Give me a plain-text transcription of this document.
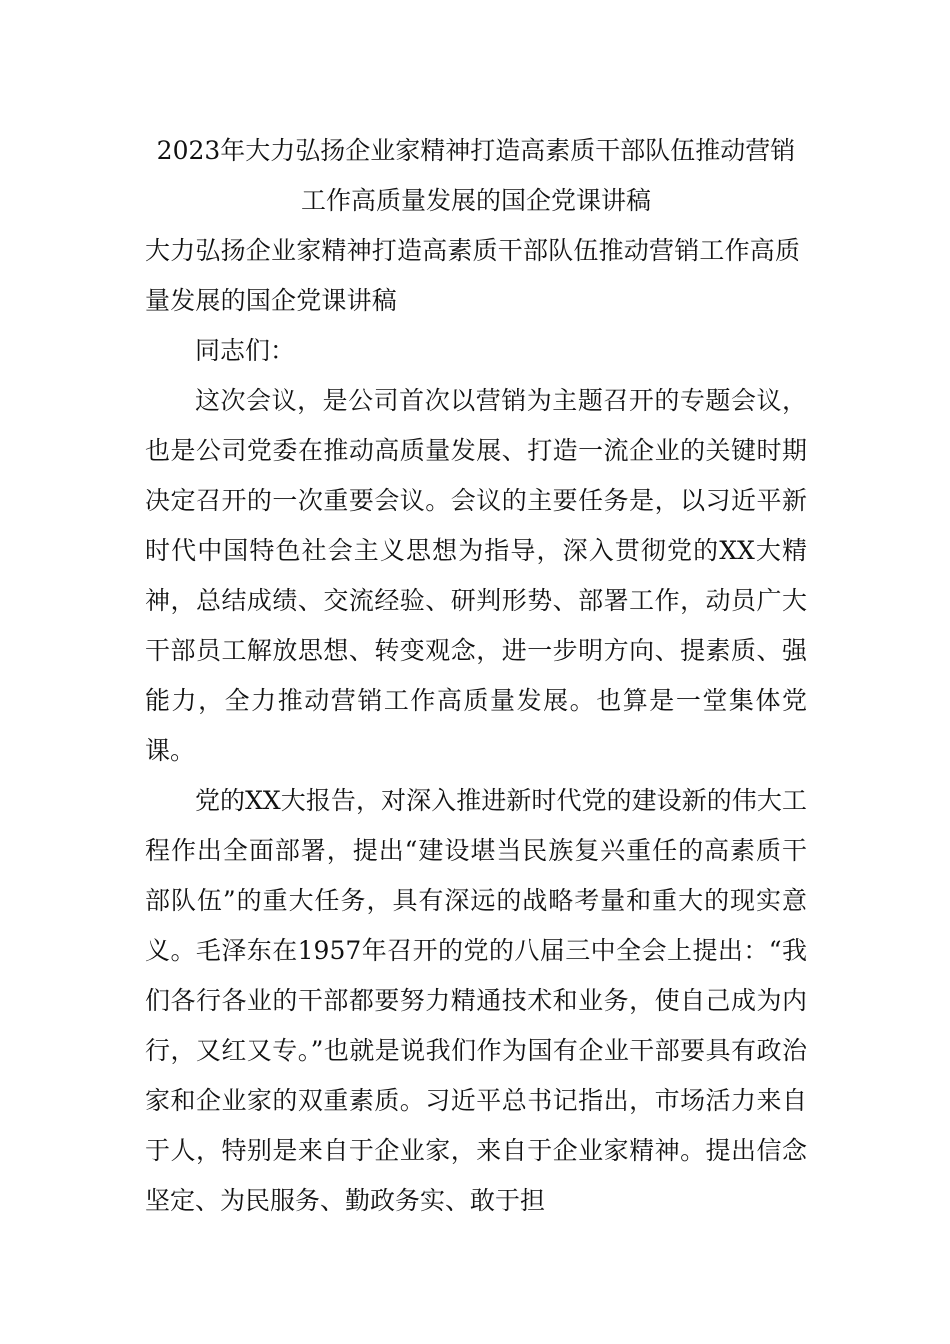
2023年大力弘扬企业家精神打造高素质干部队伍推动营销
工作高质量发展的国企党课讲稿

大力弘扬企业家精神打造高素质干部队伍推动营销工作高质量发展的国企党课讲稿

同志们：

这次会议，是公司首次以营销为主题召开的专题会议，也是公司党委在推动高质量发展、打造一流企业的关键时期决定召开的一次重要会议。会议的主要任务是，以习近平新时代中国特色社会主义思想为指导，深入贯彻党的XX大精神，总结成绩、交流经验、研判形势、部署工作，动员广大干部员工解放思想、转变观念，进一步明方向、提素质、强能力，全力推动营销工作高质量发展。也算是一堂集体党课。

党的XX大报告，对深入推进新时代党的建设新的伟大工程作出全面部署，提出“建设堪当民族复兴重任的高素质干部队伍”的重大任务，具有深远的战略考量和重大的现实意义。毛泽东在1957年召开的党的八届三中全会上提出：“我们各行各业的干部都要努力精通技术和业务，使自己成为内行，又红又专。”也就是说我们作为国有企业干部要具有政治家和企业家的双重素质。习近平总书记指出，市场活力来自于人，特别是来自于企业家，来自于企业家精神。提出信念坚定、为民服务、勤政务实、敢于担
